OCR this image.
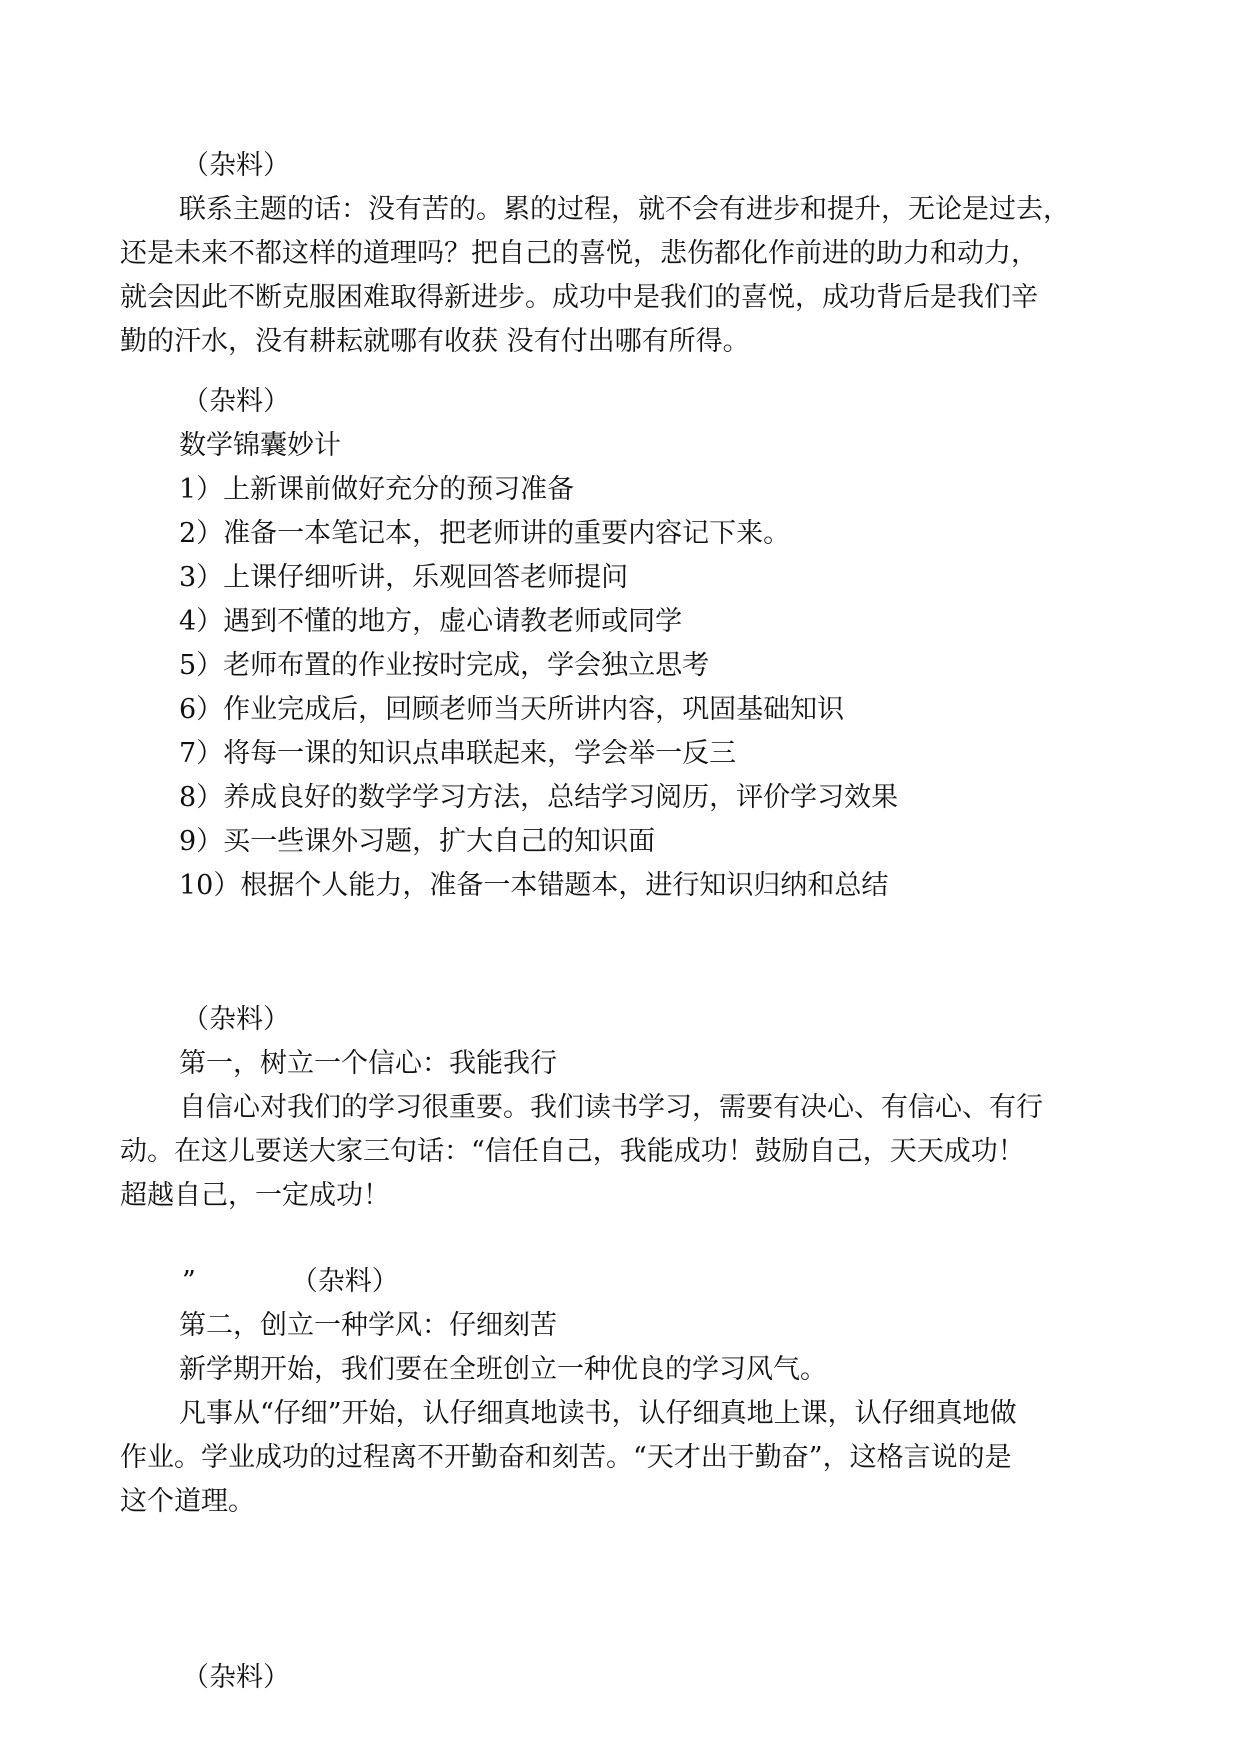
（杂料）
联系主题的话：没有苦的。累的过程，就不会有进步和提升，无论是过去，
还是未来不都这样的道理吗？把自己的喜悦，悲伤都化作前进的助力和动力，
就会因此不断克服困难取得新进步。成功中是我们的喜悦，成功背后是我们辛
勤的汗水，没有耕耘就哪有收获 没有付出哪有所得。
（杂料）
数学锦囊妙计
1）上新课前做好充分的预习准备
2）准备一本笔记本，把老师讲的重要内容记下来。
3）上课仔细听讲，乐观回答老师提问
4）遇到不懂的地方，虚心请教老师或同学
5）老师布置的作业按时完成，学会独立思考
6）作业完成后，回顾老师当天所讲内容，巩固基础知识
7）将每一课的知识点串联起来，学会举一反三
8）养成良好的数学学习方法，总结学习阅历，评价学习效果
9）买一些课外习题，扩大自己的知识面
10）根据个人能力，准备一本错题本，进行知识归纳和总结
（杂料）
第一，树立一个信心：我能我行
自信心对我们的学习很重要。我们读书学习，需要有决心、有信心、有行
动。在这儿要送大家三句话：“信任自己，我能成功！鼓励自己，天天成功！
超越自己，一定成功！
”	（杂料）
第二，创立一种学风：仔细刻苦
新学期开始，我们要在全班创立一种优良的学习风气。
凡事从“仔细”开始，认仔细真地读书，认仔细真地上课，认仔细真地做
作业。学业成功的过程离不开勤奋和刻苦。“天才出于勤奋”，这格言说的是
这个道理。
（杂料）
